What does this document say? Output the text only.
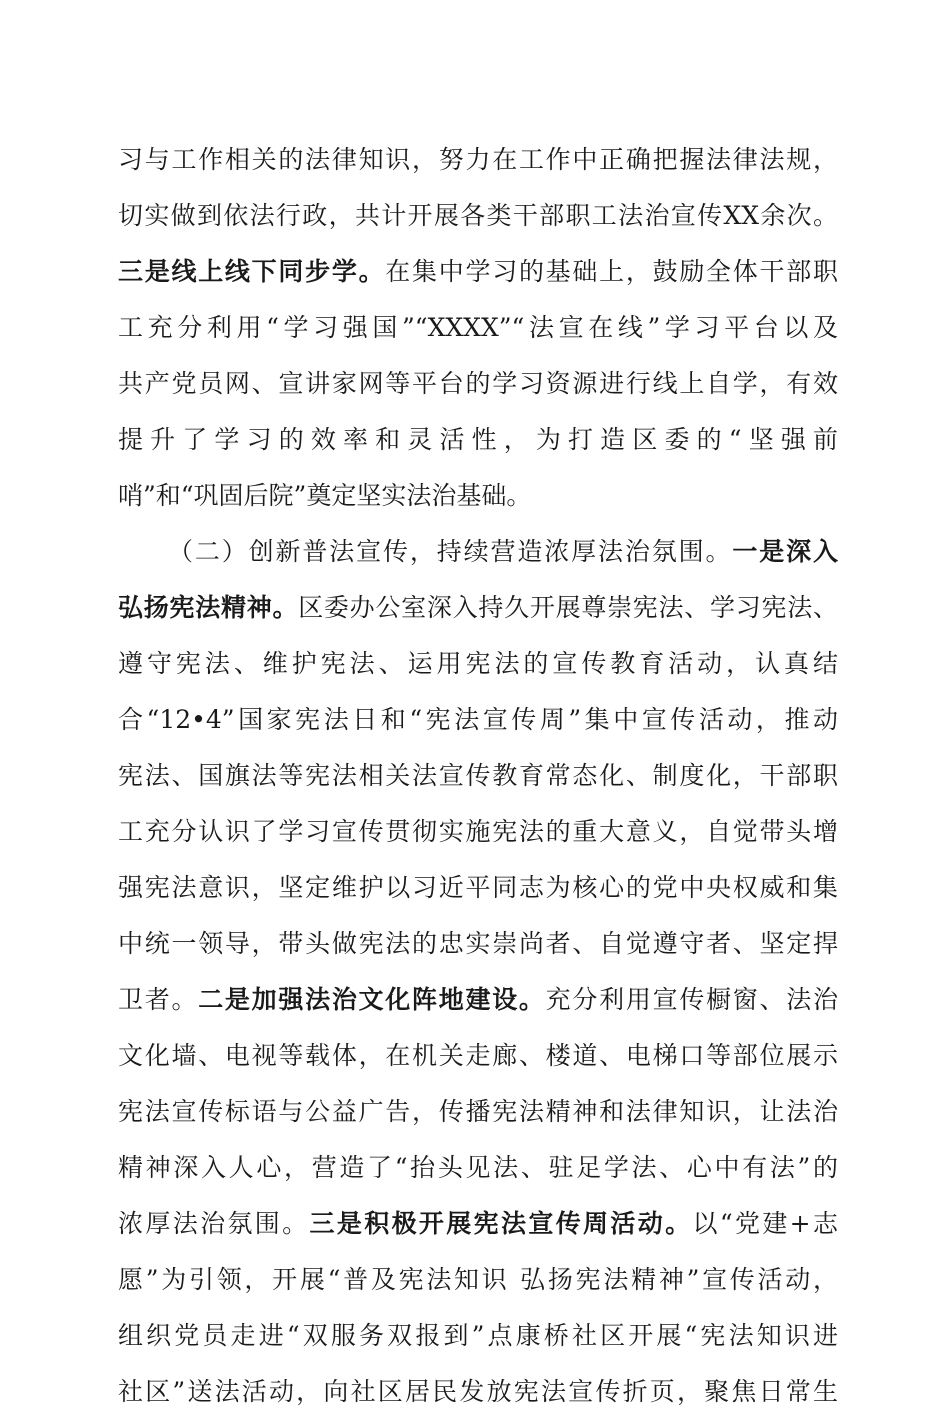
习与工作相关的法律知识，努力在工作中正确把握法律法规，
切实做到依法行政，共计开展各类干部职工法治宣传XX余次。
三是线上线下同步学。在集中学习的基础上，鼓励全体干部职
工充分利用“学习强国”“XXXX”“法宣在线”学习平台以及
共产党员网、宣讲家网等平台的学习资源进行线上自学，有效
提升了学习的效率和灵活性，为打造区委的“坚强前
哨”和“巩固后院”奠定坚实法治基础。
（二）创新普法宣传，持续营造浓厚法治氛围。一是深入
弘扬宪法精神。区委办公室深入持久开展尊崇宪法、学习宪法、
遵守宪法、维护宪法、运用宪法的宣传教育活动，认真结
合“12•4”国家宪法日和“宪法宣传周”集中宣传活动，推动
宪法、国旗法等宪法相关法宣传教育常态化、制度化，干部职
工充分认识了学习宣传贯彻实施宪法的重大意义，自觉带头增
强宪法意识，坚定维护以习近平同志为核心的党中央权威和集
中统一领导，带头做宪法的忠实崇尚者、自觉遵守者、坚定捍
卫者。二是加强法治文化阵地建设。充分利用宣传橱窗、法治
文化墙、电视等载体，在机关走廊、楼道、电梯口等部位展示
宪法宣传标语与公益广告，传播宪法精神和法律知识，让法治
精神深入人心，营造了“抬头见法、驻足学法、心中有法”的
浓厚法治氛围。三是积极开展宪法宣传周活动。以“党建+志
愿”为引领，开展“普及宪法知识 弘扬宪法精神”宣传活动，
组织党员走进“双服务双报到”点康桥社区开展“宪法知识进
社区”送法活动，向社区居民发放宪法宣传折页，聚焦日常生
